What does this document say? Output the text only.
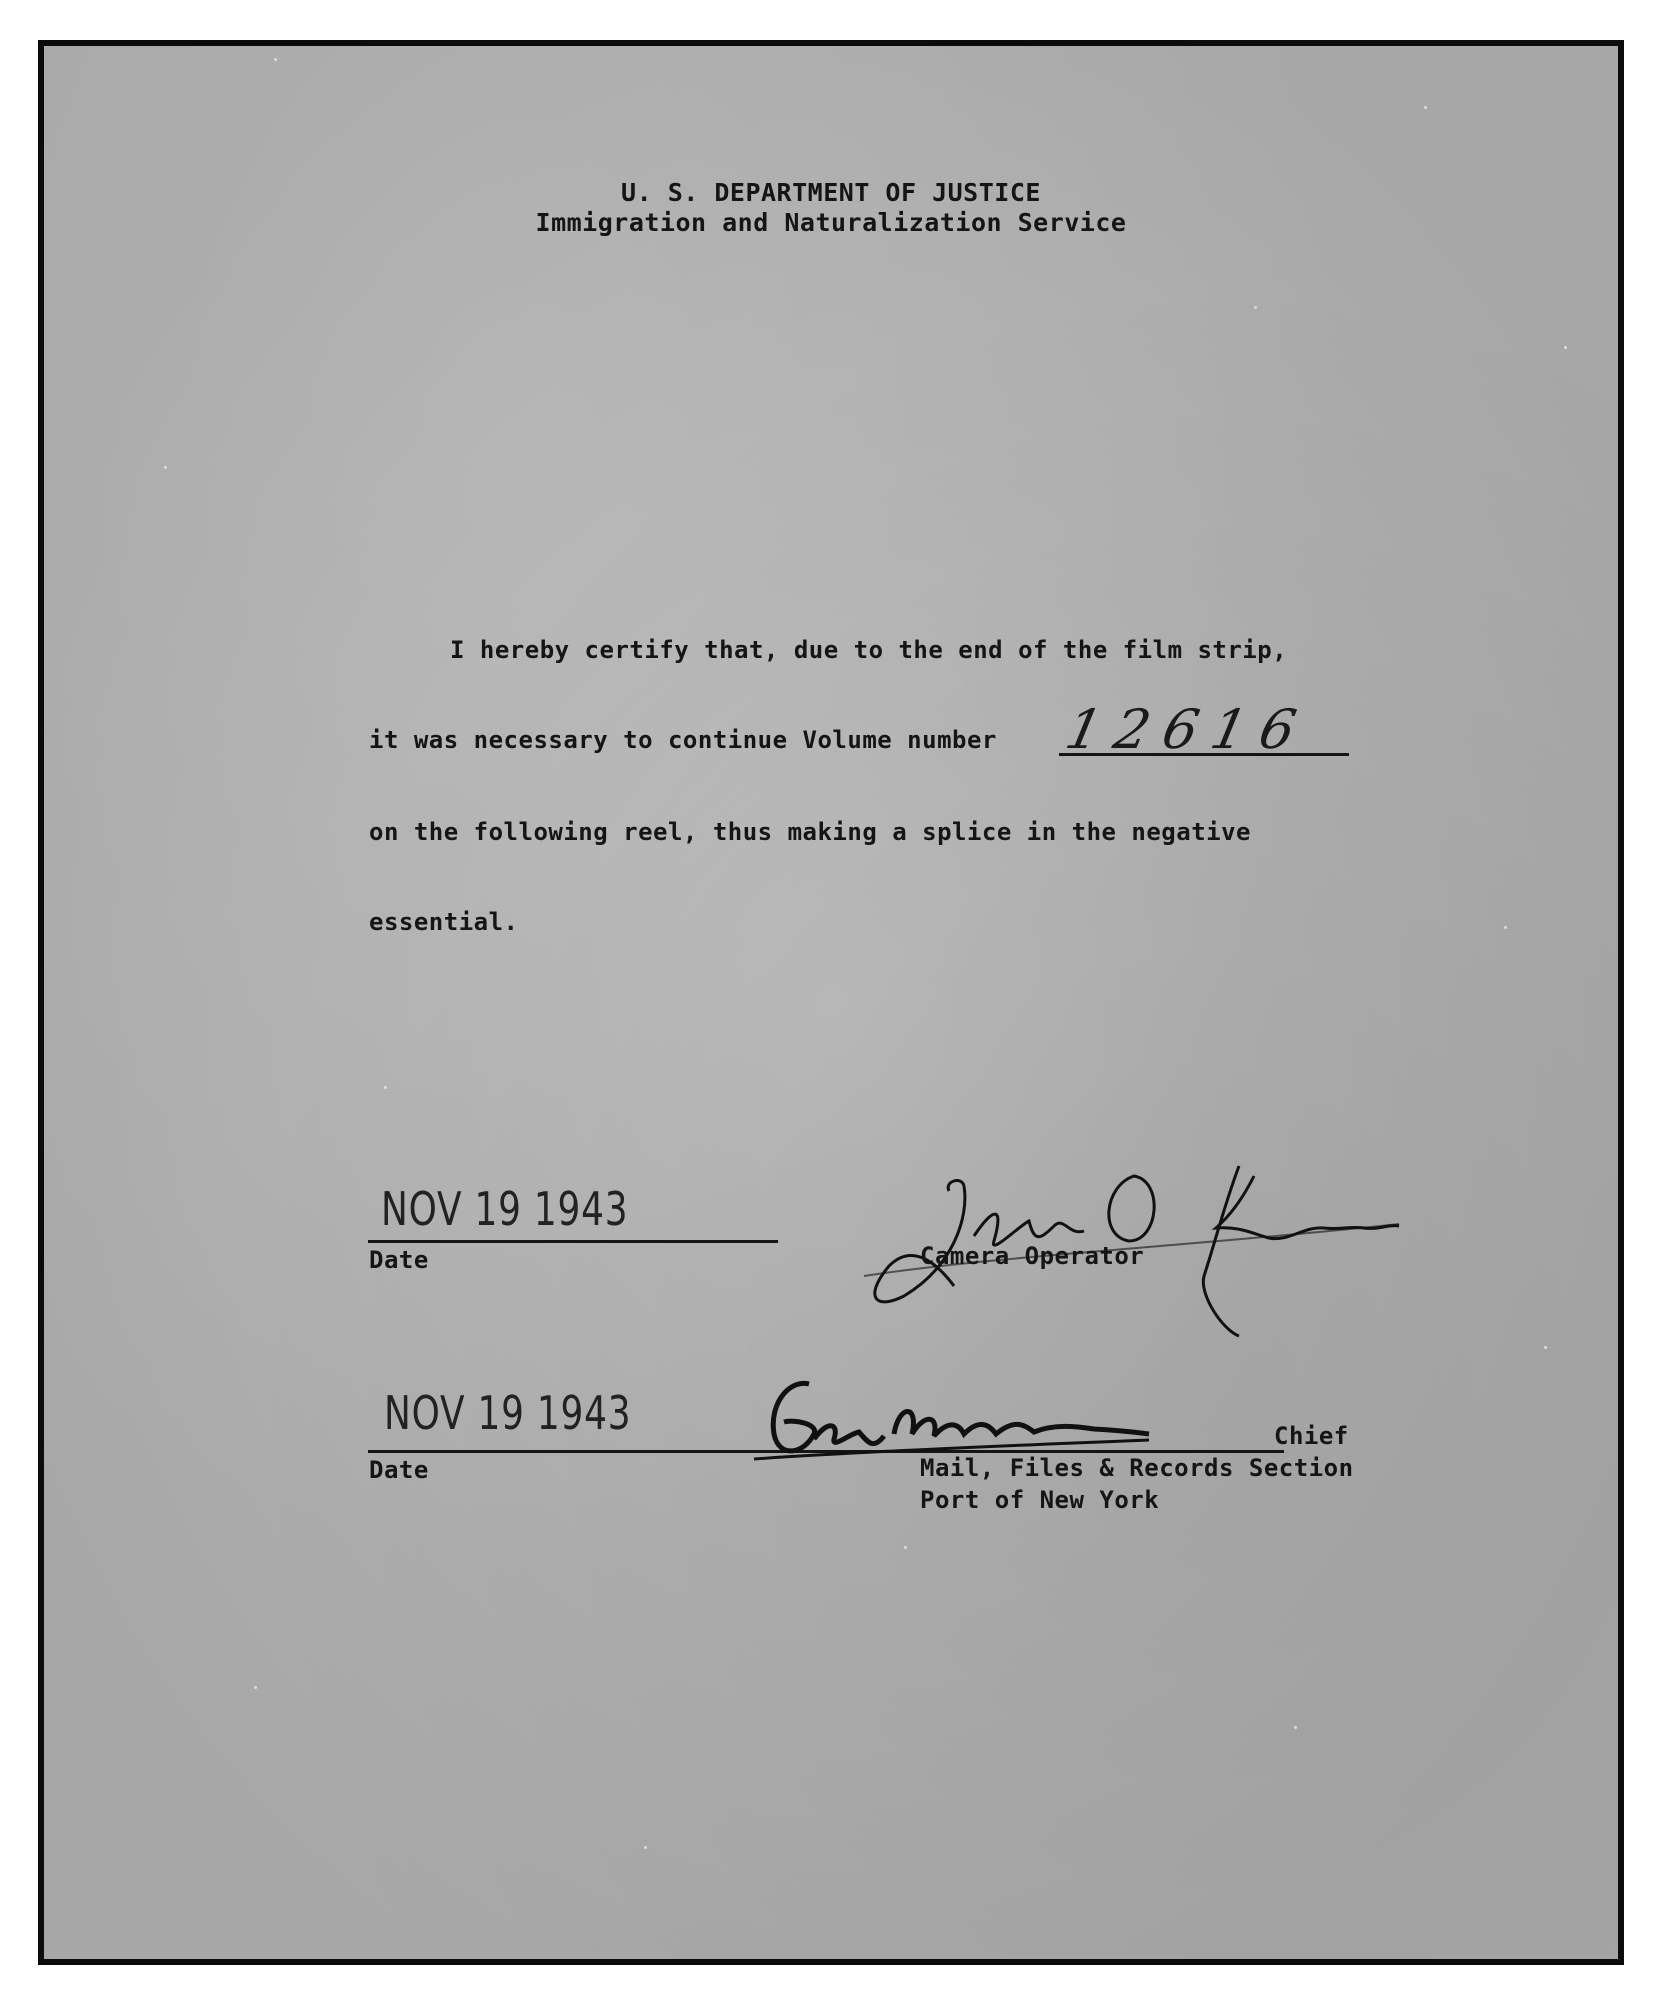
U. S. DEPARTMENT OF JUSTICE
Immigration and Naturalization Service
I hereby certify that, due to the end of the film strip,
it was necessary to continue Volume number 12616
on the following reel, thus making a splice in the negative
essential.
NOV 19 1943
Date
John O. Karnis
Camera Operator
NOV 19 1943
Date
Geo. Baecker
Chief
Mail, Files & Records Section
Port of New York
